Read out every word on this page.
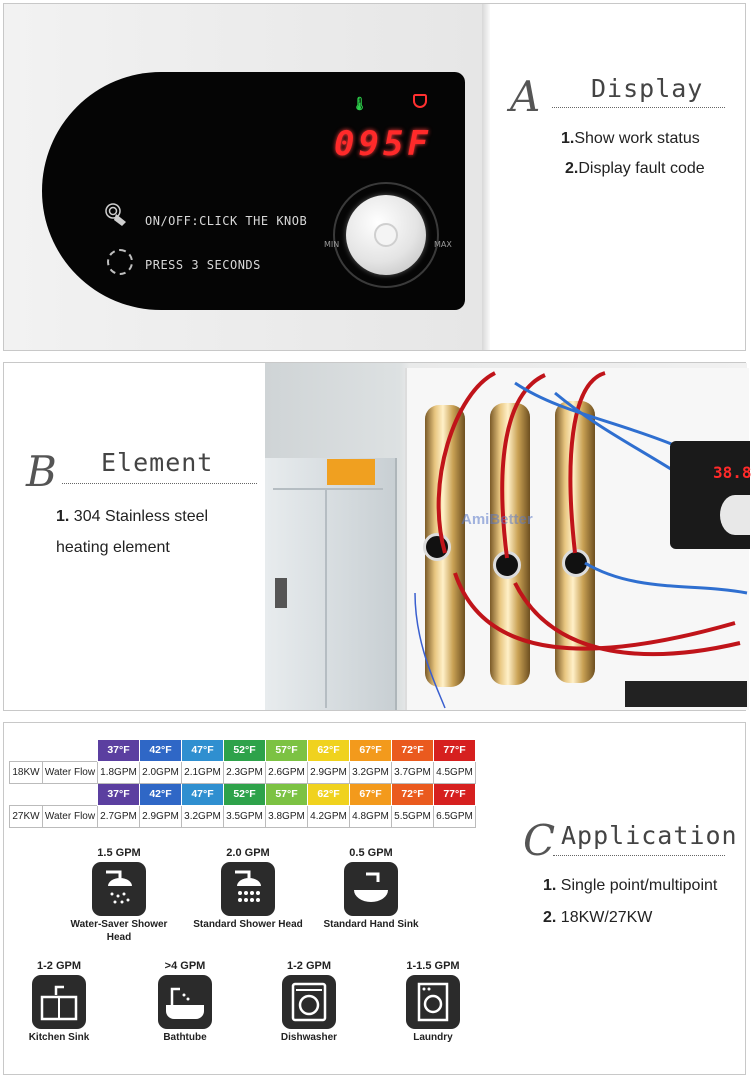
🌡
095F
ON/OFF:CLICK THE KNOB
PRESS 3 SECONDS
MIN	MAX
A Display
1.Show work status
2.Display fault code
B Element
1. 304 Stainless steel heating element
38.8
AmiBetter
		37°F	42°F	47°F	52°F	57°F	62°F	67°F	72°F	77°F
18KW	Water Flow	1.8GPM	2.0GPM	2.1GPM	2.3GPM	2.6GPM	2.9GPM	3.2GPM	3.7GPM	4.5GPM
		37°F	42°F	47°F	52°F	57°F	62°F	67°F	72°F	77°F
27KW	Water Flow	2.7GPM	2.9GPM	3.2GPM	3.5GPM	3.8GPM	4.2GPM	4.8GPM	5.5GPM	6.5GPM
1.5 GPM
Water-Saver Shower Head
2.0 GPM
Standard Shower Head
0.5 GPM
Standard Hand Sink
1-2 GPM
Kitchen Sink
>4 GPM
Bathtube
1-2 GPM
Dishwasher
1-1.5 GPM
Laundry
C Application
1. Single point/multipoint
2. 18KW/27KW
